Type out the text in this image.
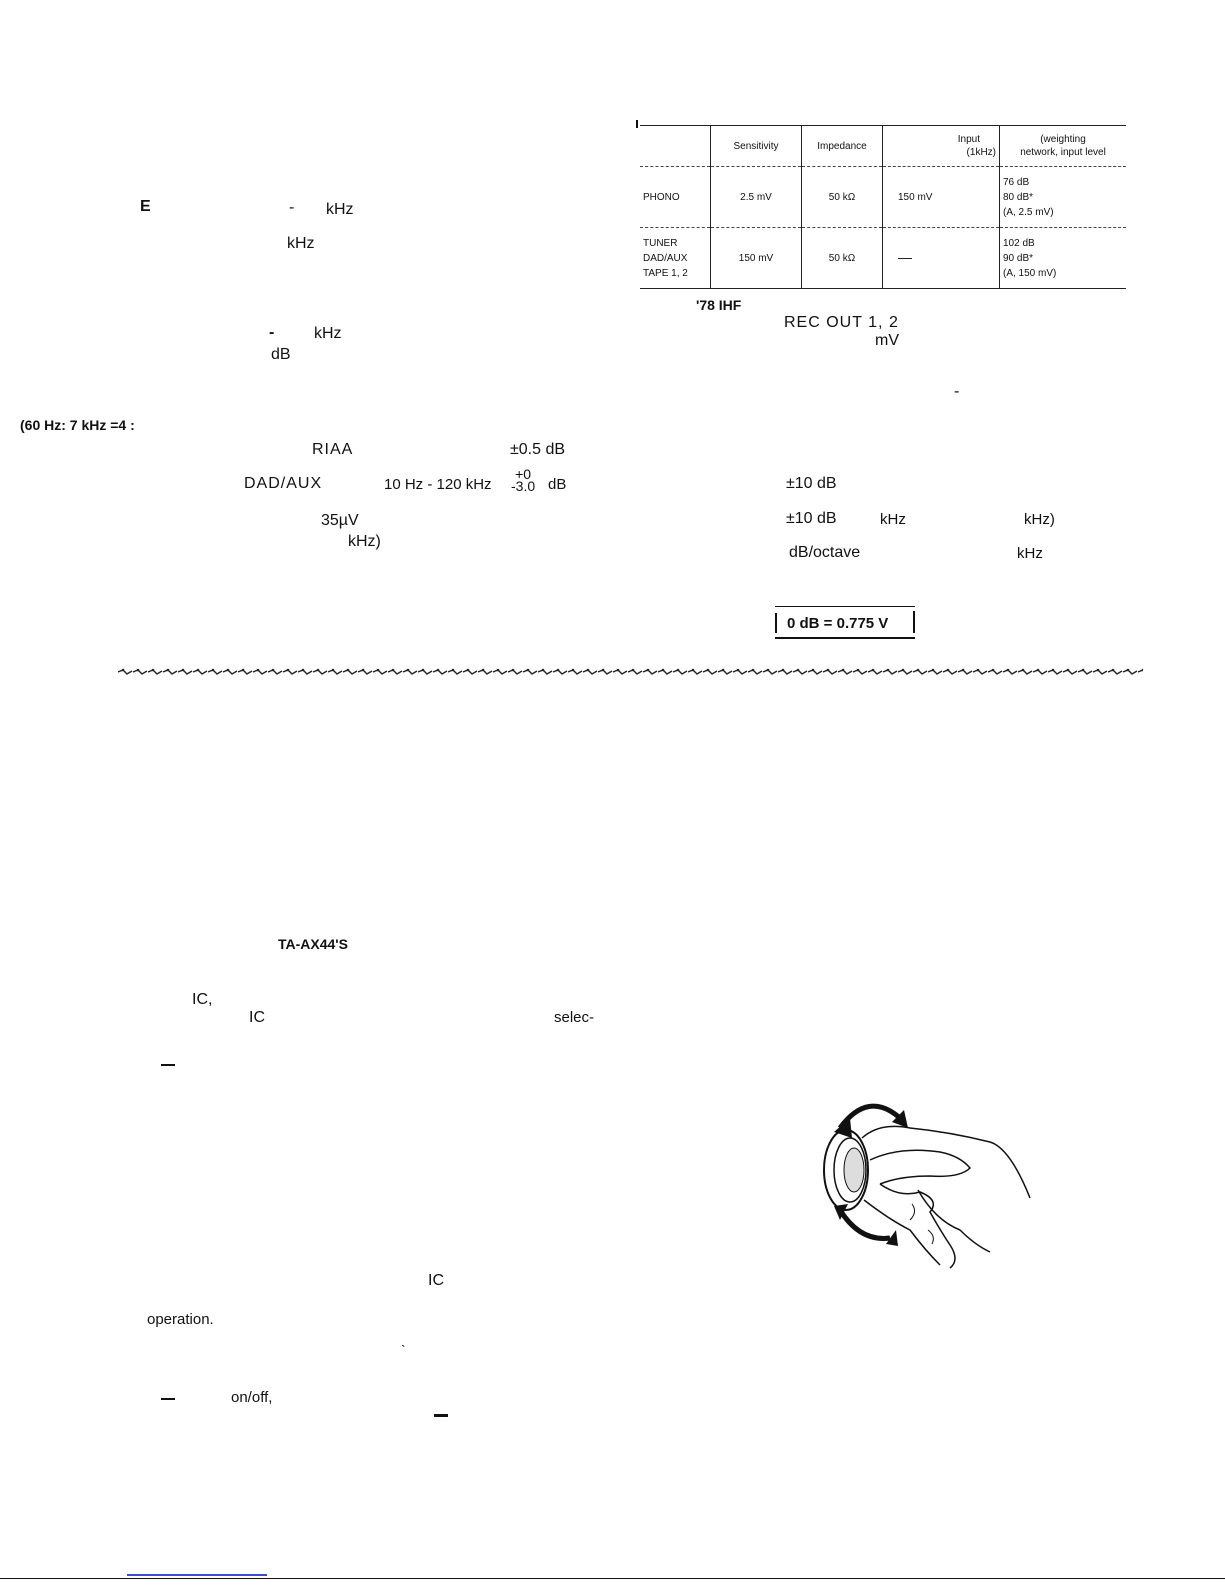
E	- kHz
kHz
- kHz
dB
(60 Hz: 7 kHz =4 :
RIAA	±0.5 dB
DAD/AUX	10 Hz - 120 kHz
+0
-3.0 dB
35µV
kHz)
	Sensitivity	Impedance	Input
(1kHz)	(weighting
network, input level

PHONO	2.5 mV	50 kΩ	150 mV	76 dB
80 dB*
(A, 2.5 mV)

TUNER
DAD/AUX
TAPE 1, 2	150 mV	50 kΩ	—	102 dB
90 dB*
(A, 150 mV)
'78 IHF
REC OUT 1, 2
mV
-
±10 dB
±10 dB	kHz	kHz)
dB/octave	kHz
0 dB = 0.775 V
TA-AX44'S
IC,
IC	selec-
IC
operation.
`
on/off,
